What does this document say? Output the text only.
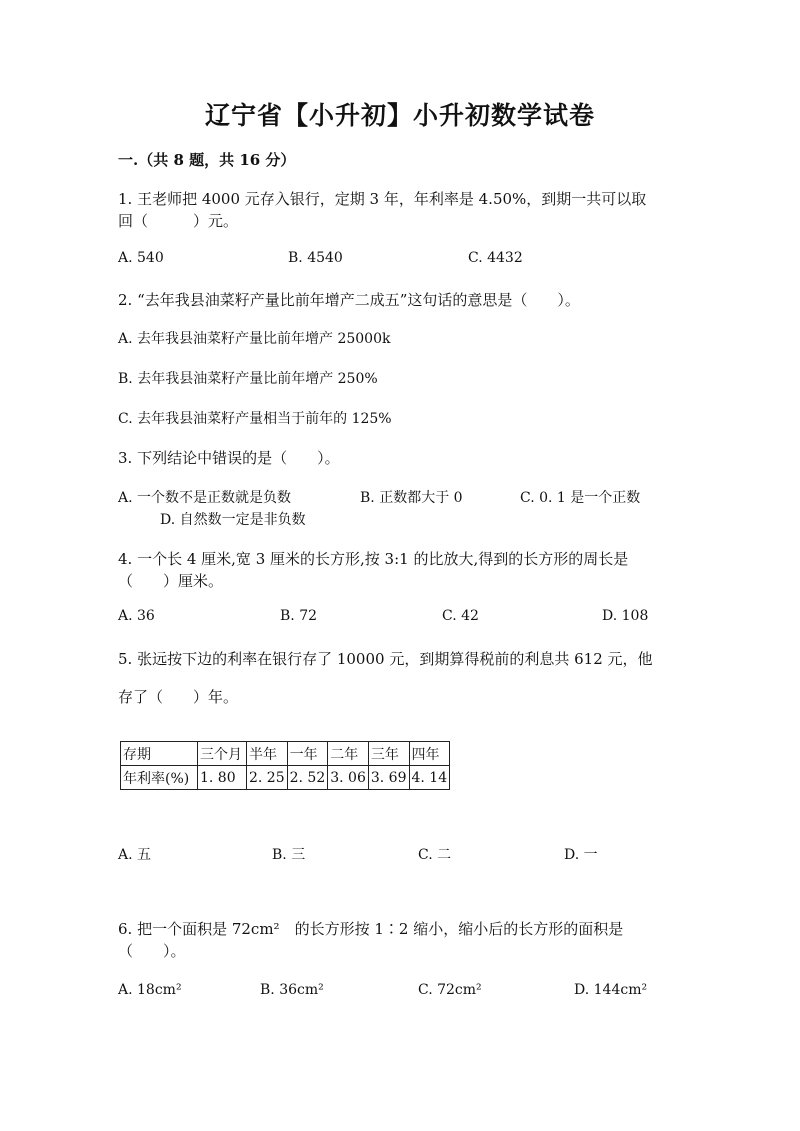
辽宁省【小升初】小升初数学试卷
一.（共 8 题，共 16 分）
1. 王老师把 4000 元存入银行，定期 3 年，年利率是 4.50%，到期一共可以取
回（　　　）元。
A. 540	B. 4540	C. 4432
2. “去年我县油菜籽产量比前年增产二成五”这句话的意思是（　　）。
A. 去年我县油菜籽产量比前年增产 25000k
B. 去年我县油菜籽产量比前年增产 250%
C. 去年我县油菜籽产量相当于前年的 125%
3. 下列结论中错误的是（　　）。
A. 一个数不是正数就是负数	B. 正数都大于 0	C. 0. 1 是一个正数
D. 自然数一定是非负数
4. 一个长 4 厘米,宽 3 厘米的长方形,按 3:1 的比放大,得到的长方形的周长是
（　　）厘米。
A. 36	B. 72	C. 42	D. 108
5. 张远按下边的利率在银行存了 10000 元，到期算得税前的利息共 612 元，他
存了（　　）年。
存期	三个月	半年	一年	二年	三年	四年
年利率(%)	1. 80	2. 25	2. 52	3. 06	3. 69	4. 14
A. 五	B. 三	C. 二	D. 一
6. 把一个面积是 72cm²　的长方形按 1∶2 缩小，缩小后的长方形的面积是
（　　）。
A. 18cm²	B. 36cm²	C. 72cm²	D. 144cm²
